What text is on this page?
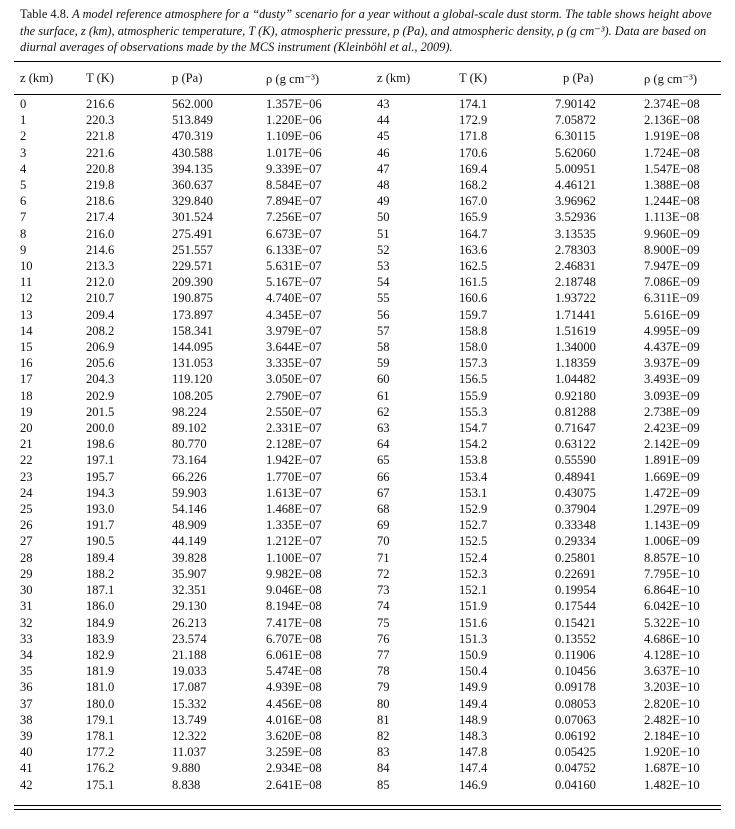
Table 4.8. A model reference atmosphere for a “dusty” scenario for a year without a global-scale dust storm. The table shows height above the surface, z (km), atmospheric temperature, T (K), atmospheric pressure, p (Pa), and atmospheric density, ρ (g cm⁻³). Data are based on diurnal averages of observations made by the MCS instrument (Kleinböhl et al., 2009).
z (km)	T (K)	p (Pa)	ρ (g cm⁻³)	z (km)	T (K)	p (Pa)	ρ (g cm⁻³)
0	216.6	562.000	1.357E−06	43	174.1	7.90142	2.374E−08
1	220.3	513.849	1.220E−06	44	172.9	7.05872	2.136E−08
2	221.8	470.319	1.109E−06	45	171.8	6.30115	1.919E−08
3	221.6	430.588	1.017E−06	46	170.6	5.62060	1.724E−08
4	220.8	394.135	9.339E−07	47	169.4	5.00951	1.547E−08
5	219.8	360.637	8.584E−07	48	168.2	4.46121	1.388E−08
6	218.6	329.840	7.894E−07	49	167.0	3.96962	1.244E−08
7	217.4	301.524	7.256E−07	50	165.9	3.52936	1.113E−08
8	216.0	275.491	6.673E−07	51	164.7	3.13535	9.960E−09
9	214.6	251.557	6.133E−07	52	163.6	2.78303	8.900E−09
10	213.3	229.571	5.631E−07	53	162.5	2.46831	7.947E−09
11	212.0	209.390	5.167E−07	54	161.5	2.18748	7.086E−09
12	210.7	190.875	4.740E−07	55	160.6	1.93722	6.311E−09
13	209.4	173.897	4.345E−07	56	159.7	1.71441	5.616E−09
14	208.2	158.341	3.979E−07	57	158.8	1.51619	4.995E−09
15	206.9	144.095	3.644E−07	58	158.0	1.34000	4.437E−09
16	205.6	131.053	3.335E−07	59	157.3	1.18359	3.937E−09
17	204.3	119.120	3.050E−07	60	156.5	1.04482	3.493E−09
18	202.9	108.205	2.790E−07	61	155.9	0.92180	3.093E−09
19	201.5	98.224	2.550E−07	62	155.3	0.81288	2.738E−09
20	200.0	89.102	2.331E−07	63	154.7	0.71647	2.423E−09
21	198.6	80.770	2.128E−07	64	154.2	0.63122	2.142E−09
22	197.1	73.164	1.942E−07	65	153.8	0.55590	1.891E−09
23	195.7	66.226	1.770E−07	66	153.4	0.48941	1.669E−09
24	194.3	59.903	1.613E−07	67	153.1	0.43075	1.472E−09
25	193.0	54.146	1.468E−07	68	152.9	0.37904	1.297E−09
26	191.7	48.909	1.335E−07	69	152.7	0.33348	1.143E−09
27	190.5	44.149	1.212E−07	70	152.5	0.29334	1.006E−09
28	189.4	39.828	1.100E−07	71	152.4	0.25801	8.857E−10
29	188.2	35.907	9.982E−08	72	152.3	0.22691	7.795E−10
30	187.1	32.351	9.046E−08	73	152.1	0.19954	6.864E−10
31	186.0	29.130	8.194E−08	74	151.9	0.17544	6.042E−10
32	184.9	26.213	7.417E−08	75	151.6	0.15421	5.322E−10
33	183.9	23.574	6.707E−08	76	151.3	0.13552	4.686E−10
34	182.9	21.188	6.061E−08	77	150.9	0.11906	4.128E−10
35	181.9	19.033	5.474E−08	78	150.4	0.10456	3.637E−10
36	181.0	17.087	4.939E−08	79	149.9	0.09178	3.203E−10
37	180.0	15.332	4.456E−08	80	149.4	0.08053	2.820E−10
38	179.1	13.749	4.016E−08	81	148.9	0.07063	2.482E−10
39	178.1	12.322	3.620E−08	82	148.3	0.06192	2.184E−10
40	177.2	11.037	3.259E−08	83	147.8	0.05425	1.920E−10
41	176.2	9.880	2.934E−08	84	147.4	0.04752	1.687E−10
42	175.1	8.838	2.641E−08	85	146.9	0.04160	1.482E−10
